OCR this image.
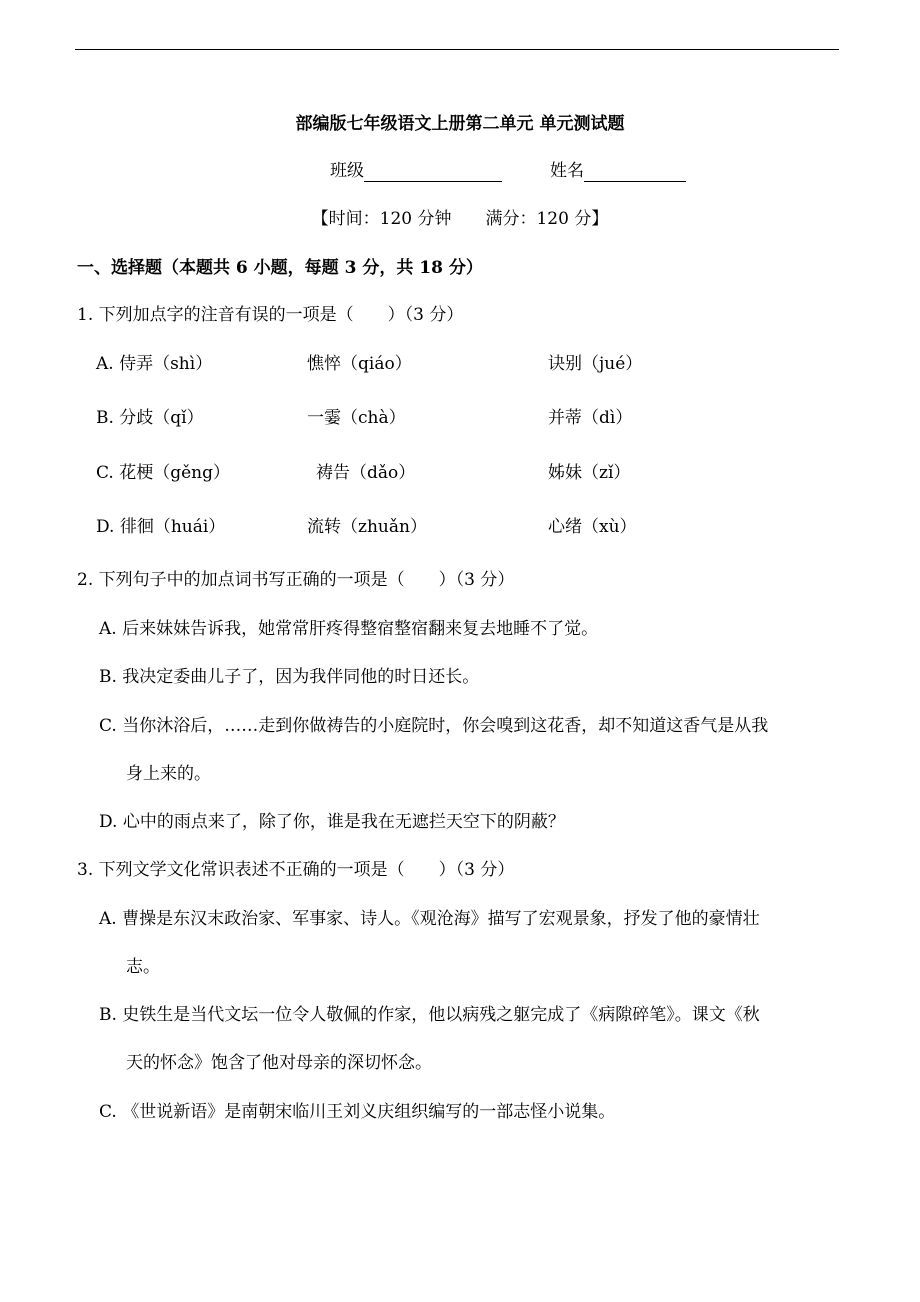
部编版七年级语文上册第二单元 单元测试题
班级	姓名
【时间：120 分钟　　满分：120 分】
一、选择题（本题共 6 小题，每题 3 分，共 18 分）
1. 下列加点字的注音有误的一项是（　　）（3 分）
A. 侍弄（shì）	憔悴（qiáo）	诀别（jué）
B. 分歧（qǐ）	一霎（chà）	并蒂（dì）
C. 花梗（gěng）	祷告（dǎo）	姊妹（zǐ）
D. 徘徊（huái）	流转（zhuǎn）	心绪（xù）
2. 下列句子中的加点词书写正确的一项是（　　）（3 分）
A. 后来妹妹告诉我，她常常肝疼得整宿整宿翻来复去地睡不了觉。
B. 我决定委曲儿子了，因为我伴同他的时日还长。
C. 当你沐浴后，……走到你做祷告的小庭院时，你会嗅到这花香，却不知道这香气是从我
身上来的。
D. 心中的雨点来了，除了你，谁是我在无遮拦天空下的阴蔽？
3. 下列文学文化常识表述不正确的一项是（　　）（3 分）
A. 曹操是东汉末政治家、军事家、诗人。《观沧海》描写了宏观景象，抒发了他的豪情壮
志。
B. 史铁生是当代文坛一位令人敬佩的作家，他以病残之躯完成了《病隙碎笔》。课文《秋
天的怀念》饱含了他对母亲的深切怀念。
C. 《世说新语》是南朝宋临川王刘义庆组织编写的一部志怪小说集。
